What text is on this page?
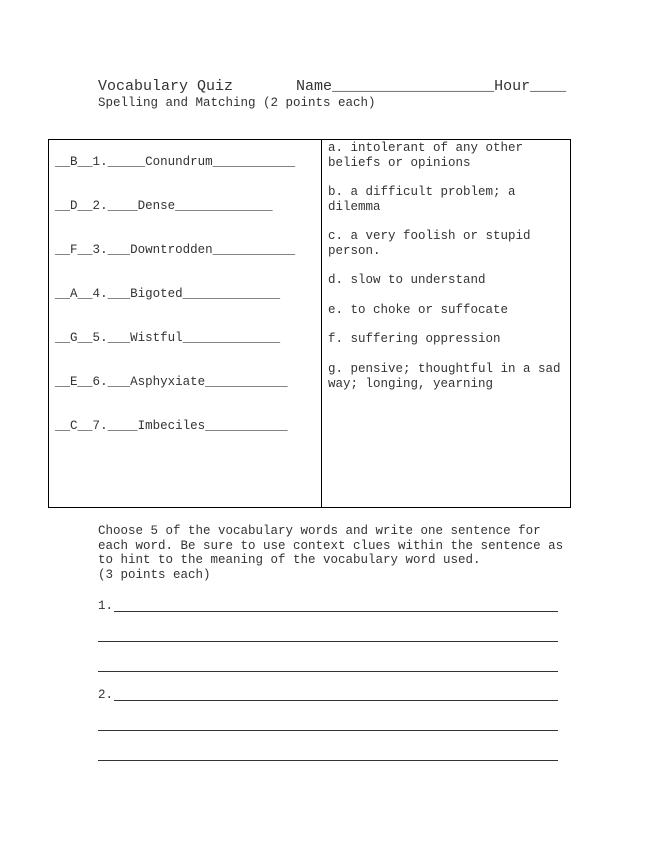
Vocabulary Quiz	Name__________________Hour____
Spelling and Matching (2 points each)
__B__1._____Conundrum___________
__D__2.____Dense_____________
__F__3.___Downtrodden___________
__A__4.___Bigoted_____________
__G__5.___Wistful_____________
__E__6.___Asphyxiate___________
__C__7.____Imbeciles___________
a. intolerant of any other beliefs or opinions
b. a difficult problem; a dilemma
c. a very foolish or stupid person.
d. slow to understand
e. to choke or suffocate
f. suffering oppression
g. pensive; thoughtful in a sad way; longing, yearning
Choose 5 of the vocabulary words and write one sentence for each word. Be sure to use context clues within the sentence as to hint to the meaning of the vocabulary word used.
(3 points each)
1.
2.
